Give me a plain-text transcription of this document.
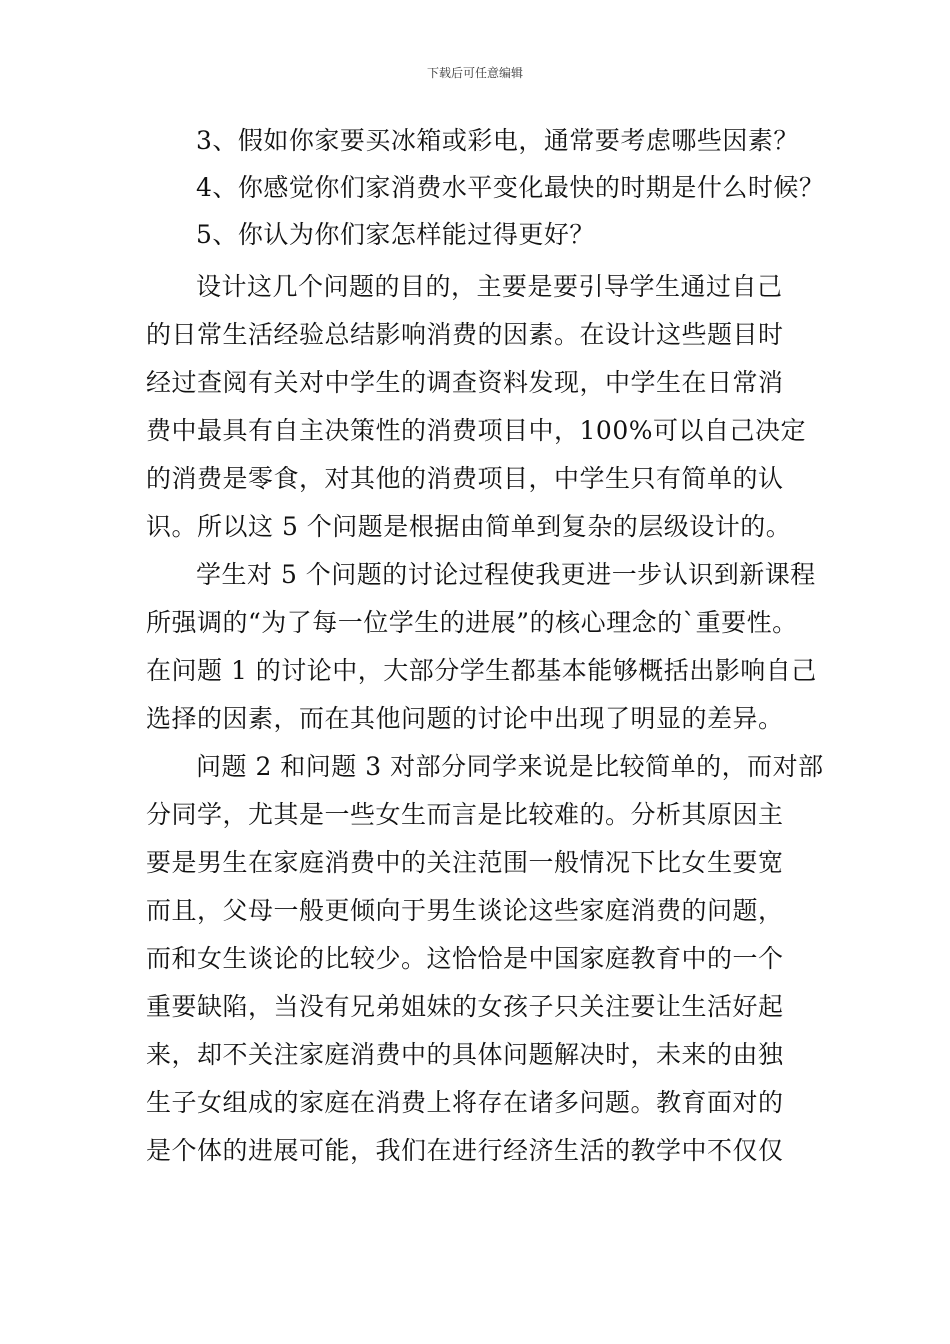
下载后可任意编辑

3、假如你家要买冰箱或彩电，通常要考虑哪些因素？

4、你感觉你们家消费水平变化最快的时期是什么时候？

5、你认为你们家怎样能过得更好？

设计这几个问题的目的，主要是要引导学生通过自己

的日常生活经验总结影响消费的因素。在设计这些题目时

经过查阅有关对中学生的调查资料发现，中学生在日常消

费中最具有自主决策性的消费项目中，100%可以自己决定

的消费是零食，对其他的消费项目，中学生只有简单的认

识。所以这 5 个问题是根据由简单到复杂的层级设计的。

学生对 5 个问题的讨论过程使我更进一步认识到新课程

所强调的“为了每一位学生的进展”的核心理念的`重要性。

在问题 1 的讨论中，大部分学生都基本能够概括出影响自己

选择的因素，而在其他问题的讨论中出现了明显的差异。

问题 2 和问题 3 对部分同学来说是比较简单的，而对部

分同学，尤其是一些女生而言是比较难的。分析其原因主

要是男生在家庭消费中的关注范围一般情况下比女生要宽

而且，父母一般更倾向于男生谈论这些家庭消费的问题，

而和女生谈论的比较少。这恰恰是中国家庭教育中的一个

重要缺陷，当没有兄弟姐妹的女孩子只关注要让生活好起

来，却不关注家庭消费中的具体问题解决时，未来的由独

生子女组成的家庭在消费上将存在诸多问题。教育面对的

是个体的进展可能，我们在进行经济生活的教学中不仅仅
